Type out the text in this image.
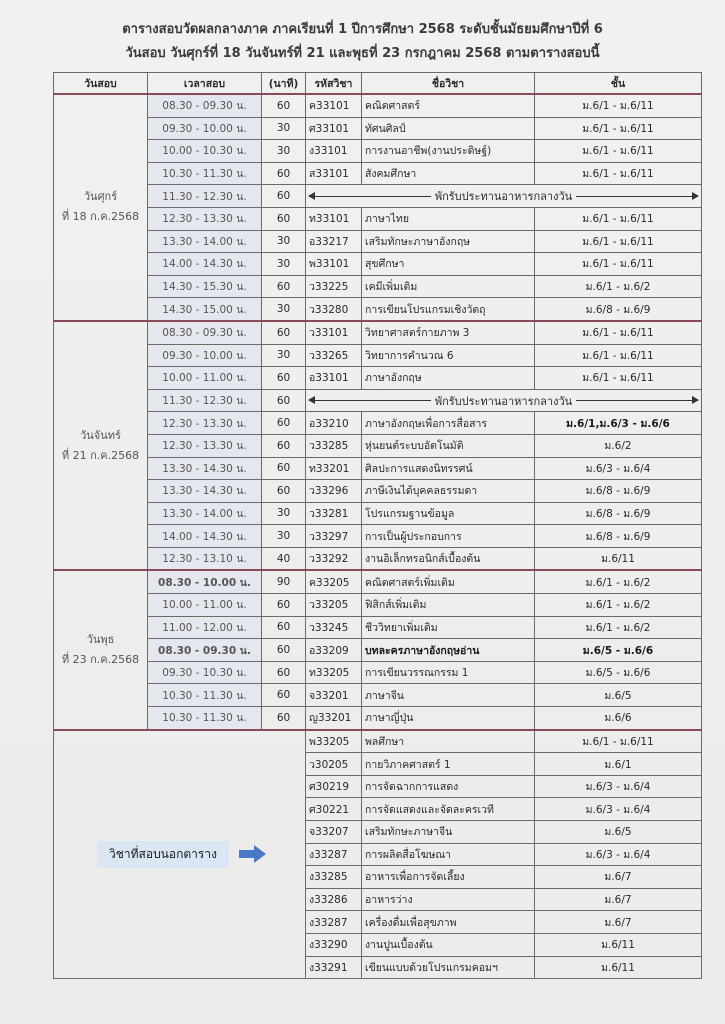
ตารางสอบวัดผลกลางภาค ภาคเรียนที่ 1 ปีการศึกษา 2568 ระดับชั้นมัธยมศึกษาปีที่ 6
วันสอบ วันศุกร์ที่ 18 วันจันทร์ที่ 21 และพุธที่ 23 กรกฎาคม 2568 ตามตารางสอบนี้
วันสอบ	เวลาสอบ	(นาที)	รหัสวิชา	ชื่อวิชา	ชั้น
วันศุกร์
ที่ 18 ก.ค.2568	08.30 - 09.30 น.	60	ค33101	คณิตศาสตร์	ม.6/1 - ม.6/11
	09.30 - 10.00 น.	30	ศ33101	ทัศนศิลป์	ม.6/1 - ม.6/11
	10.00 - 10.30 น.	30	ง33101	การงานอาชีพ(งานประดิษฐ์)	ม.6/1 - ม.6/11
	10.30 - 11.30 น.	60	ส33101	สังคมศึกษา	ม.6/1 - ม.6/11
	11.30 - 12.30 น.	60	พักรับประทานอาหารกลางวัน		

	12.30 - 13.30 น.	60	ท33101	ภาษาไทย	ม.6/1 - ม.6/11
	13.30 - 14.00 น.	30	อ33217	เสริมทักษะภาษาอังกฤษ	ม.6/1 - ม.6/11
	14.00 - 14.30 น.	30	พ33101	สุขศึกษา	ม.6/1 - ม.6/11
	14.30 - 15.30 น.	60	ว33225	เคมีเพิ่มเติม	ม.6/1 - ม.6/2
	14.30 - 15.00 น.	30	ว33280	การเขียนโปรแกรมเชิงวัตถุ	ม.6/8 - ม.6/9
วันจันทร์
ที่ 21 ก.ค.2568	08.30 - 09.30 น.	60	ว33101	วิทยาศาสตร์กายภาพ 3	ม.6/1 - ม.6/11
	09.30 - 10.00 น.	30	ว33265	วิทยาการคำนวณ 6	ม.6/1 - ม.6/11
	10.00 - 11.00 น.	60	อ33101	ภาษาอังกฤษ	ม.6/1 - ม.6/11
	11.30 - 12.30 น.	60	พักรับประทานอาหารกลางวัน		

	12.30 - 13.30 น.	60	อ33210	ภาษาอังกฤษเพื่อการสื่อสาร	ม.6/1,ม.6/3 - ม.6/6
	12.30 - 13.30 น.	60	ว33285	หุ่นยนต์ระบบอัตโนมัติ	ม.6/2
	13.30 - 14.30 น.	60	ท33201	ศิลปะการแสดงนิทรรศน์	ม.6/3 - ม.6/4
	13.30 - 14.30 น.	60	ว33296	ภาษีเงินได้บุคคลธรรมดา	ม.6/8 - ม.6/9
	13.30 - 14.00 น.	30	ว33281	โปรแกรมฐานข้อมูล	ม.6/8 - ม.6/9
	14.00 - 14.30 น.	30	ว33297	การเป็นผู้ประกอบการ	ม.6/8 - ม.6/9
	12.30 - 13.10 น.	40	ว33292	งานอิเล็กทรอนิกส์เบื้องต้น	ม.6/11
วันพุธ
ที่ 23 ก.ค.2568	08.30 - 10.00 น.	90	ค33205	คณิตศาสตร์เพิ่มเติม	ม.6/1 - ม.6/2
	10.00 - 11.00 น.	60	ว33205	ฟิสิกส์เพิ่มเติม	ม.6/1 - ม.6/2
	11.00 - 12.00 น.	60	ว33245	ชีววิทยาเพิ่มเติม	ม.6/1 - ม.6/2
	08.30 - 09.30 น.	60	อ33209	บทละครภาษาอังกฤษอ่าน	ม.6/5 - ม.6/6
	09.30 - 10.30 น.	60	ท33205	การเขียนวรรณกรรม 1	ม.6/5 - ม.6/6
	10.30 - 11.30 น.	60	จ33201	ภาษาจีน	ม.6/5
	10.30 - 11.30 น.	60	ญ33201	ภาษาญี่ปุ่น	ม.6/6

วิชาที่สอบนอกตาราง			พ33205	พลศึกษา	ม.6/1 - ม.6/11
			ว30205	กายวิภาคศาสตร์ 1	ม.6/1
			ศ30219	การจัดฉากการแสดง	ม.6/3 - ม.6/4
			ศ30221	การจัดแสดงและจัดละครเวที	ม.6/3 - ม.6/4
			จ33207	เสริมทักษะภาษาจีน	ม.6/5
			ง33287	การผลิตสื่อโฆษณา	ม.6/3 - ม.6/4
			ง33285	อาหารเพื่อการจัดเลี้ยง	ม.6/7
			ง33286	อาหารว่าง	ม.6/7
			ง33287	เครื่องดื่มเพื่อสุขภาพ	ม.6/7
			ง33290	งานปูนเบื้องต้น	ม.6/11
			ง33291	เขียนแบบด้วยโปรแกรมคอมฯ	ม.6/11
